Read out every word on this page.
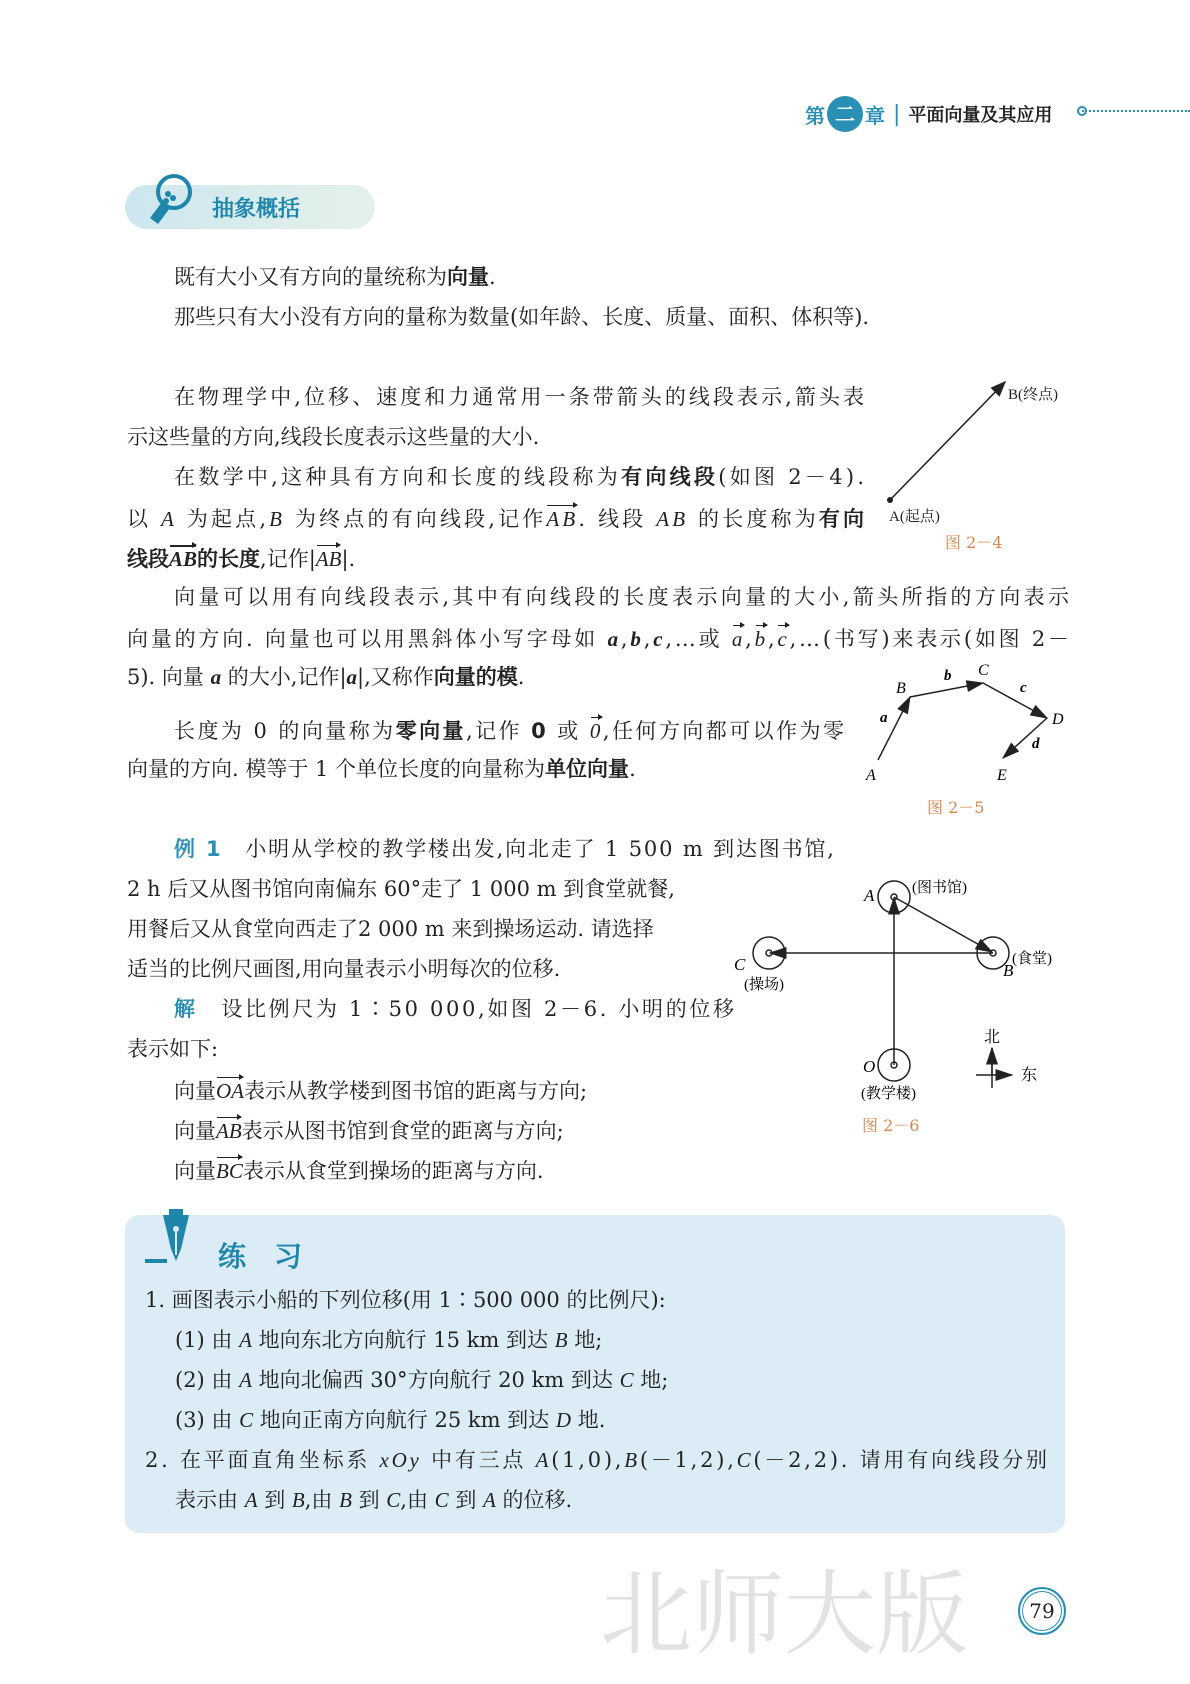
第 二 章 | 平面向量及其应用
抽象概括
既有大小又有方向的量统称为向量.
那些只有大小没有方向的量称为数量(如年龄、长度、质量、面积、体积等).
在物理学中,位移、速度和力通常用一条带箭头的线段表示,箭头表
示这些量的方向,线段长度表示这些量的大小.
在数学中,这种具有方向和长度的线段称为有向线段(如图 2－4).
以 A 为起点,B 为终点的有向线段,记作AB. 线段 AB 的长度称为有向
线段AB的长度,记作|AB|.
向量可以用有向线段表示,其中有向线段的长度表示向量的大小,箭头所指的方向表示
向量的方向. 向量也可以用黑斜体小写字母如 a,b,c,…或 a,b,c,…(书写)来表示(如图 2－
5). 向量 a 的大小,记作|a|,又称作向量的模.
长度为 0 的向量称为零向量,记作 0 或 0,任何方向都可以作为零
向量的方向. 模等于 1 个单位长度的向量称为单位向量.
例 1　小明从学校的教学楼出发,向北走了 1 500 m 到达图书馆,
2 h 后又从图书馆向南偏东 60°走了 1 000 m 到食堂就餐,
用餐后又从食堂向西走了2 000 m 来到操场运动. 请选择
适当的比例尺画图,用向量表示小明每次的位移.
解　设比例尺为 1∶50 000,如图 2－6. 小明的位移
表示如下:
向量OA表示从教学楼到图书馆的距离与方向;
向量AB表示从图书馆到食堂的距离与方向;
向量BC表示从食堂到操场的距离与方向.
B(终点)
A(起点)
图 2－4
A
B
C
D
E
a
b
c
d
图 2－5
A	(图书馆)
B
(食堂)
C
(操场)
O
(教学楼)
北
东
图 2－6
练　习
1. 画图表示小船的下列位移(用 1∶500 000 的比例尺):
(1) 由 A 地向东北方向航行 15 km 到达 B 地;
(2) 由 A 地向北偏西 30°方向航行 20 km 到达 C 地;
(3) 由 C 地向正南方向航行 25 km 到达 D 地.
2. 在平面直角坐标系 xOy 中有三点 A(1,0),B(－1,2),C(－2,2). 请用有向线段分别
表示由 A 到 B,由 B 到 C,由 C 到 A 的位移.
79
北师大版
